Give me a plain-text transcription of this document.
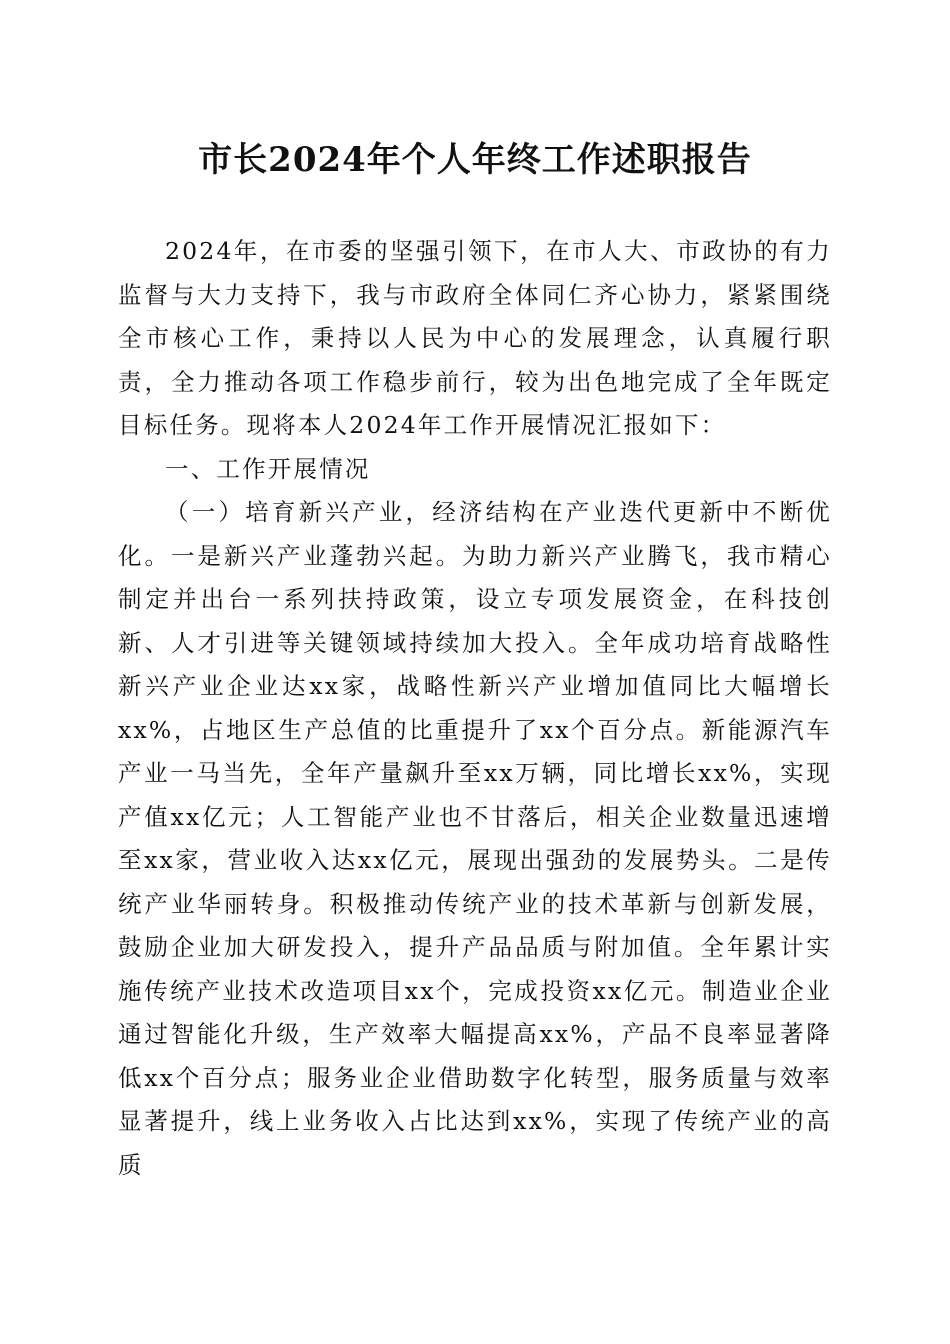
市长2024年个人年终工作述职报告

2024年，在市委的坚强引领下，在市人大、市政协的有力监督与大力支持下，我与市政府全体同仁齐心协力，紧紧围绕全市核心工作，秉持以人民为中心的发展理念，认真履行职责，全力推动各项工作稳步前行，较为出色地完成了全年既定目标任务。现将本人2024年工作开展情况汇报如下：

一、工作开展情况

（一）培育新兴产业，经济结构在产业迭代更新中不断优化。一是新兴产业蓬勃兴起。为助力新兴产业腾飞，我市精心制定并出台一系列扶持政策，设立专项发展资金，在科技创新、人才引进等关键领域持续加大投入。全年成功培育战略性新兴产业企业达xx家，战略性新兴产业增加值同比大幅增长xx%，占地区生产总值的比重提升了xx个百分点。新能源汽车产业一马当先，全年产量飙升至xx万辆，同比增长xx%，实现产值xx亿元；人工智能产业也不甘落后，相关企业数量迅速增至xx家，营业收入达xx亿元，展现出强劲的发展势头。二是传统产业华丽转身。积极推动传统产业的技术革新与创新发展，鼓励企业加大研发投入，提升产品品质与附加值。全年累计实施传统产业技术改造项目xx个，完成投资xx亿元。制造业企业通过智能化升级，生产效率大幅提高xx%，产品不良率显著降低xx个百分点；服务业企业借助数字化转型，服务质量与效率显著提升，线上业务收入占比达到xx%，实现了传统产业的高质
